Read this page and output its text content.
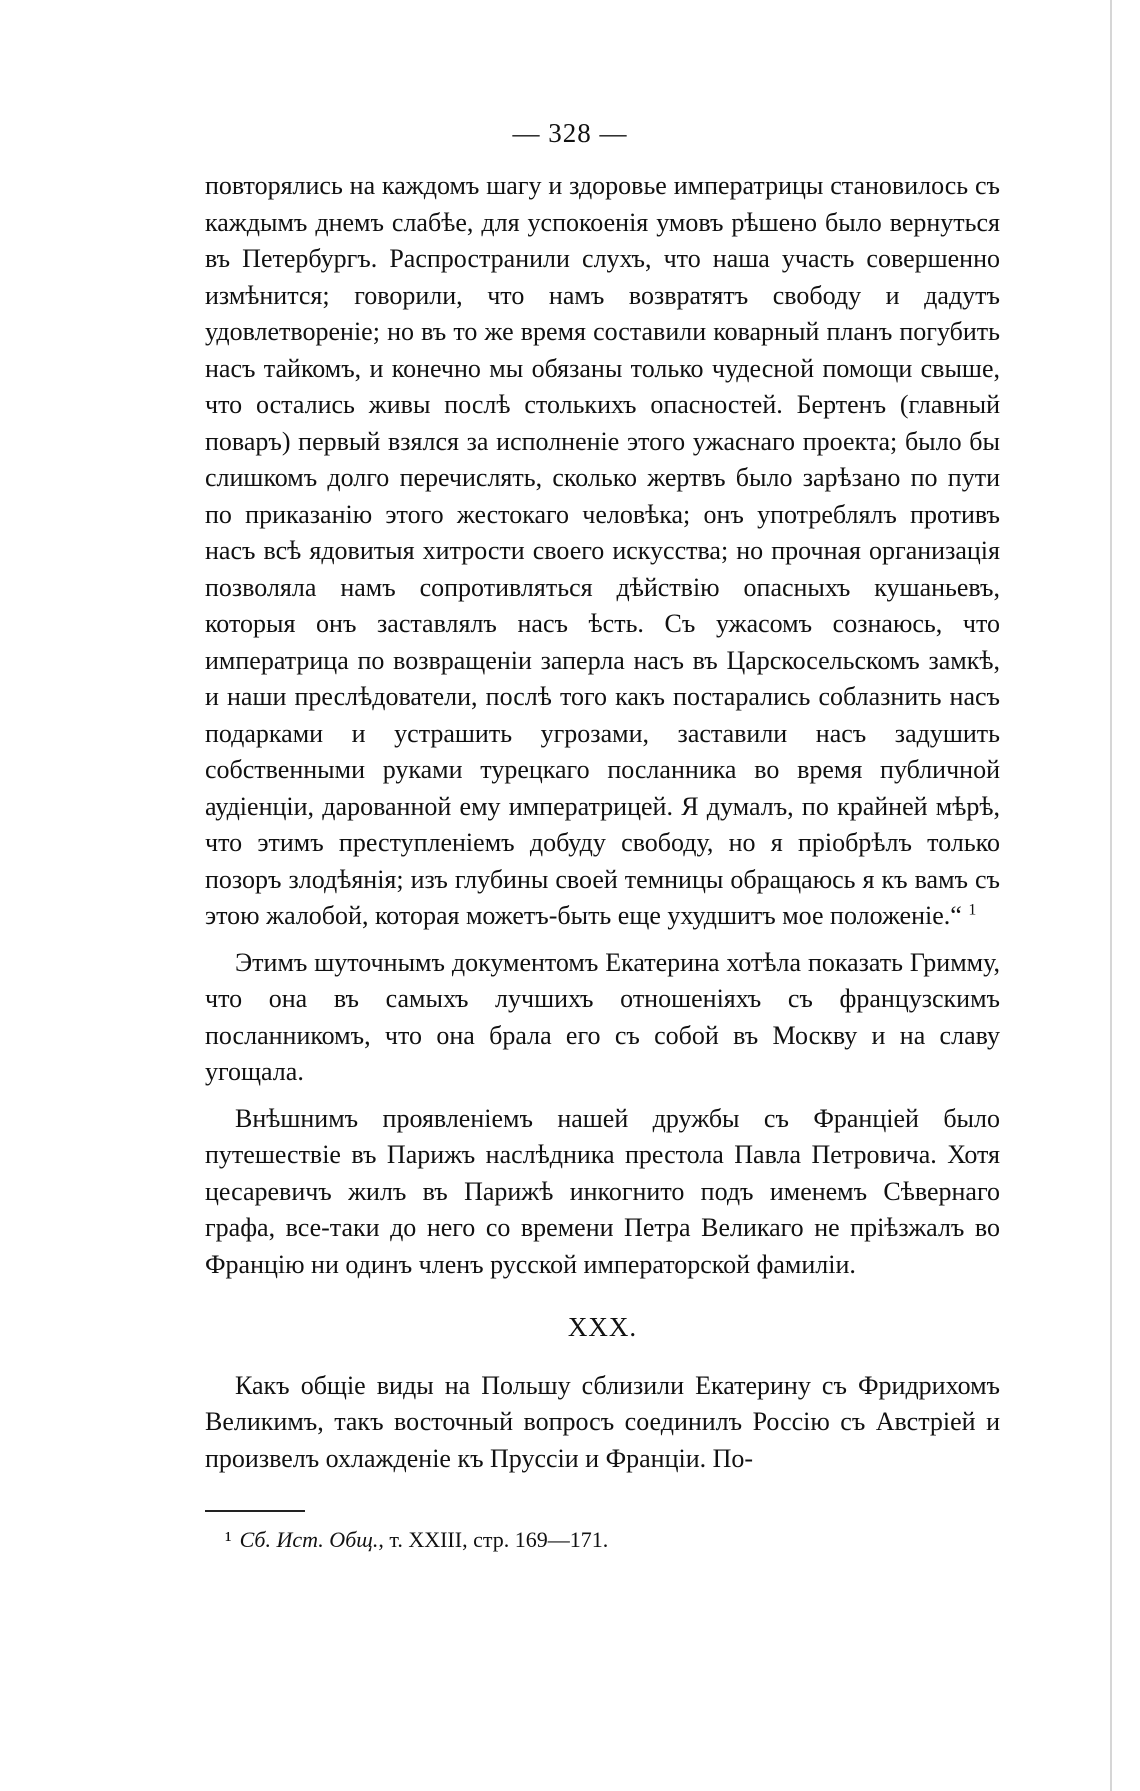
— 328 —

повторялись на каждомъ шагу и здоровье императрицы становилось съ каждымъ днемъ слабѣе, для успокоенія умовъ рѣшено было вернуться въ Петербургъ. Распространили слухъ, что наша участь совершенно измѣнится; говорили, что намъ возвратятъ свободу и дадутъ удовлетвореніе; но въ то же время составили коварный планъ погубить насъ тайкомъ, и конечно мы обязаны только чудесной помощи свыше, что остались живы послѣ столькихъ опасностей. Бертенъ (главный поваръ) первый взялся за исполненіе этого ужаснаго проекта; было бы слишкомъ долго перечислять, сколько жертвъ было зарѣзано по пути по приказанію этого жестокаго человѣка; онъ употреблялъ противъ насъ всѣ ядовитыя хитрости своего искусства; но прочная организація позволяла намъ сопротивляться дѣйствію опасныхъ кушаньевъ, которыя онъ заставлялъ насъ ѣсть. Съ ужасомъ сознаюсь, что императрица по возвращеніи заперла насъ въ Царскосельскомъ замкѣ, и наши преслѣдователи, послѣ того какъ постарались соблазнить насъ подарками и устрашить угрозами, заставили насъ задушить собственными руками турецкаго посланника во время публичной аудіенціи, дарованной ему императрицей. Я думалъ, по крайней мѣрѣ, что этимъ преступленіемъ добуду свободу, но я пріобрѣлъ только позоръ злодѣянія; изъ глубины своей темницы обращаюсь я къ вамъ съ этою жалобой, которая можетъ-быть еще ухудшитъ мое положеніе.“ $^1$

Этимъ шуточнымъ документомъ Екатерина хотѣла показать Гримму, что она въ самыхъ лучшихъ отношеніяхъ съ французскимъ посланникомъ, что она брала его съ собой въ Москву и на славу угощала.

Внѣшнимъ проявленіемъ нашей дружбы съ Франціей было путешествіе въ Парижъ наслѣдника престола Павла Петровича. Хотя цесаревичъ жилъ въ Парижѣ инкогнито подъ именемъ Сѣвернаго графа, все-таки до него со времени Петра Великаго не пріѣзжалъ во Францію ни одинъ членъ русской императорской фамиліи.

XXX.

Какъ общіе виды на Польшу сблизили Екатерину съ Фридрихомъ Великимъ, такъ восточный вопросъ соединилъ Россію съ Австріей и произвелъ охлажденіе къ Пруссіи и Франціи. По-

¹ Сб. Ист. Общ., т. XXIII, стр. 169—171.
